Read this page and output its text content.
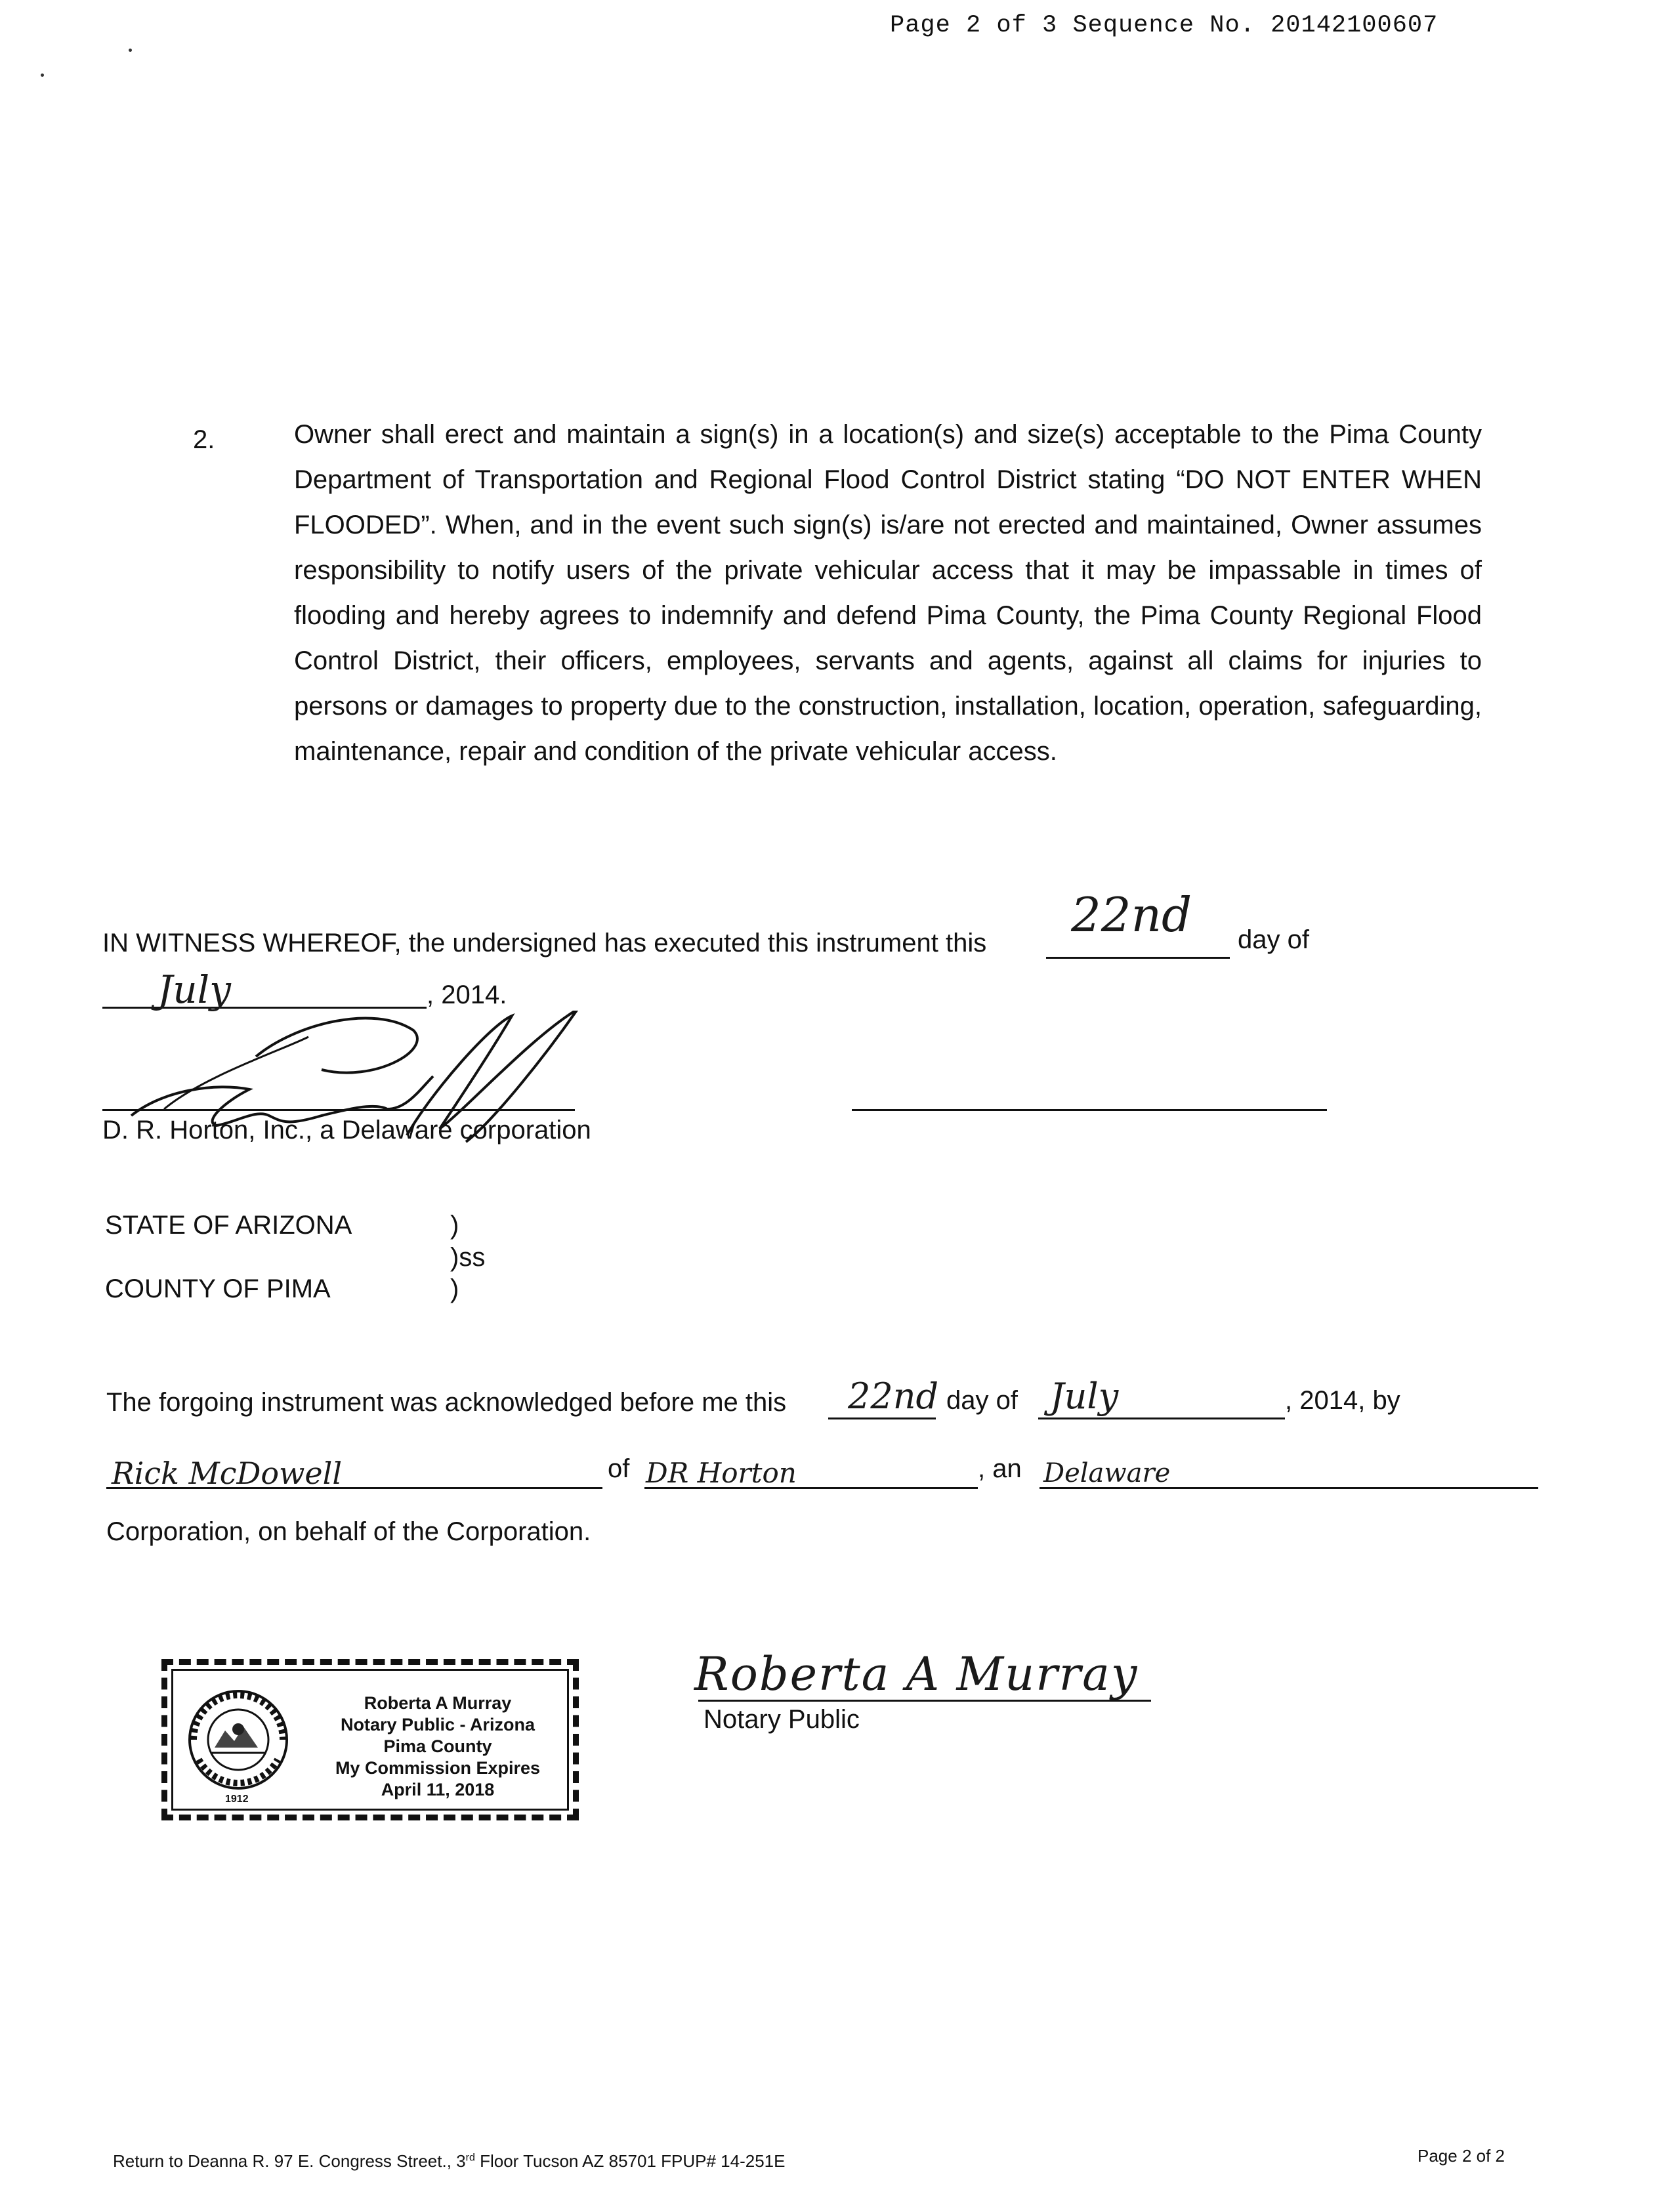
Page 2 of 3 Sequence No. 20142100607
2.	Owner shall erect and maintain a sign(s) in a location(s) and size(s) acceptable to the Pima County Department of Transportation and Regional Flood Control District stating “DO NOT ENTER WHEN FLOODED”. When, and in the event such sign(s) is/are not erected and maintained, Owner assumes responsibility to notify users of the private vehicular access that it may be impassable in times of flooding and hereby agrees to indemnify and defend Pima County, the Pima County Regional Flood Control District, their officers, employees, servants and agents, against all claims for injuries to persons or damages to property due to the construction, installation, location, operation, safeguarding, maintenance, repair and condition of the private vehicular access.
IN WITNESS WHEREOF, the undersigned has executed this instrument this
22nd day of
July	, 2014.
D. R. Horton, Inc., a Delaware corporation
STATE OF ARIZONA	)
)ss
COUNTY OF PIMA	)
The forgoing instrument was acknowledged before me this 22nd day of July	, 2014, by
Rick McDowell	of DR Horton	, an Delaware
Corporation, on behalf of the Corporation.
1912
Roberta A Murray
Notary Public - Arizona
Pima County
My Commission Expires
April 11, 2018
Roberta A Murray
Notary Public
Return to Deanna R. 97 E. Congress Street., 3rd Floor Tucson AZ 85701 FPUP# 14-251E	Page 2 of 2
